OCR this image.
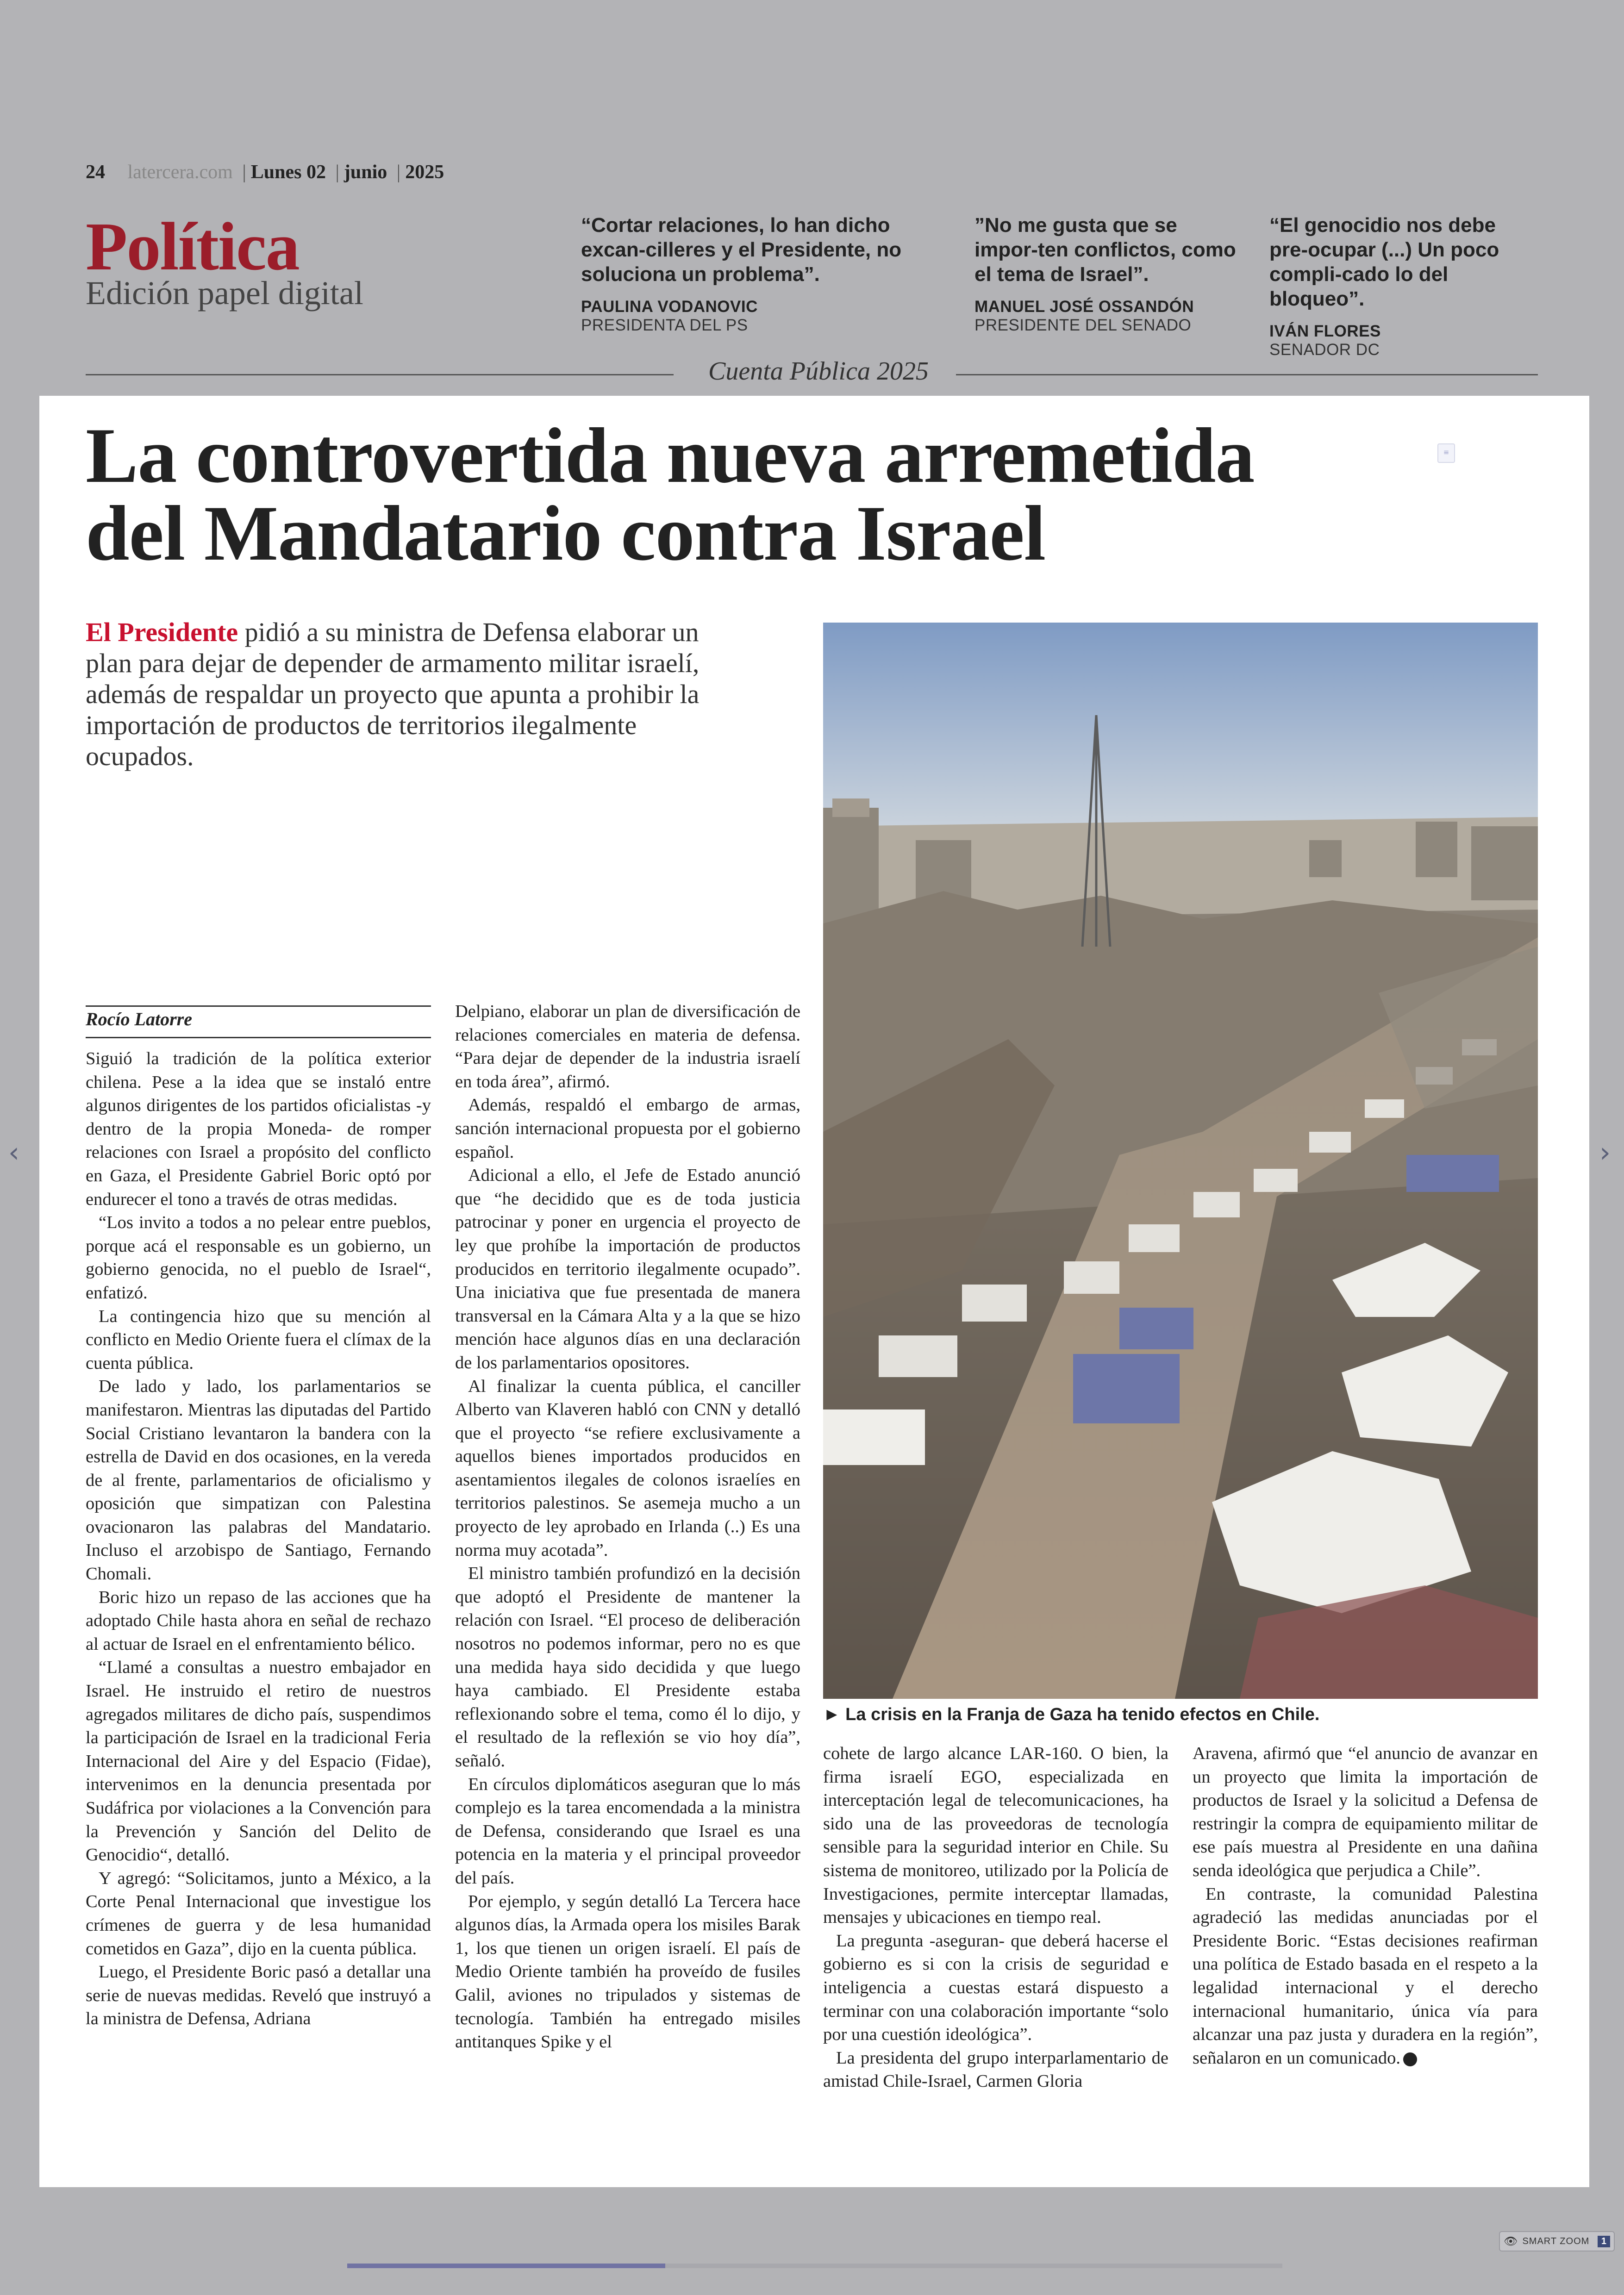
24 latercera.com | Lunes 02 | junio | 2025
Política
Edición papel digital
“Cortar relaciones, lo han dicho excan-cilleres y el Presidente, no soluciona un problema”.
PAULINA VODANOVIC
PRESIDENTA DEL PS
”No me gusta que se impor-ten conflictos, como el tema de Israel”.
MANUEL JOSÉ OSSANDÓN
PRESIDENTE DEL SENADO
“El genocidio nos debe pre-ocupar (...) Un poco compli-cado lo del bloqueo”.
IVÁN FLORES
SENADOR DC
Cuenta Pública 2025
La controvertida nueva arremetida
del Mandatario contra Israel
≡
El Presidente pidió a su ministra de Defensa elaborar un plan para dejar de depender de armamento militar israelí, además de respaldar un proyecto que apunta a prohibir la importación de productos de territorios ilegalmente ocupados.
► La crisis en la Franja de Gaza ha tenido efectos en Chile.
Rocío Latorre

Siguió la tradición de la política exterior chilena. Pese a la idea que se instaló entre algunos dirigentes de los partidos oficialistas -y dentro de la propia Moneda- de romper relaciones con Israel a propósito del conflicto en Gaza, el Presidente Gabriel Boric optó por endurecer el tono a través de otras medidas.

“Los invito a todos a no pelear entre pueblos, porque acá el responsable es un gobierno, un gobierno genocida, no el pueblo de Israel“, enfatizó.

La contingencia hizo que su mención al conflicto en Medio Oriente fuera el clímax de la cuenta pública.

De lado y lado, los parlamentarios se manifestaron. Mientras las diputadas del Partido Social Cristiano levantaron la bandera con la estrella de David en dos ocasiones, en la vereda de al frente, parlamentarios de oficialismo y oposición que simpatizan con Palestina ovacionaron las palabras del Mandatario. Incluso el arzobispo de Santiago, Fernando Chomali.

Boric hizo un repaso de las acciones que ha adoptado Chile hasta ahora en señal de rechazo al actuar de Israel en el enfrentamiento bélico.

“Llamé a consultas a nuestro embajador en Israel. He instruido el retiro de nuestros agregados militares de dicho país, suspendimos la participación de Israel en la tradicional Feria Internacional del Aire y del Espacio (Fidae), intervenimos en la denuncia presentada por Sudáfrica por violaciones a la Convención para la Prevención y Sanción del Delito de Genocidio“, detalló.

Y agregó: “Solicitamos, junto a México, a la Corte Penal Internacional que investigue los crímenes de guerra y de lesa humanidad cometidos en Gaza”, dijo en la cuenta pública.

Luego, el Presidente Boric pasó a detallar una serie de nuevas medidas. Reveló que instruyó a la ministra de Defensa, Adriana

Delpiano, elaborar un plan de diversificación de relaciones comerciales en materia de defensa. “Para dejar de depender de la industria israelí en toda área”, afirmó.

Además, respaldó el embargo de armas, sanción internacional propuesta por el gobierno español.

Adicional a ello, el Jefe de Estado anunció que “he decidido que es de toda justicia patrocinar y poner en urgencia el proyecto de ley que prohíbe la importación de productos producidos en territorio ilegalmente ocupado”. Una iniciativa que fue presentada de manera transversal en la Cámara Alta y a la que se hizo mención hace algunos días en una declaración de los parlamentarios opositores.

Al finalizar la cuenta pública, el canciller Alberto van Klaveren habló con CNN y detalló que el proyecto “se refiere exclusivamente a aquellos bienes importados producidos en asentamientos ilegales de colonos israelíes en territorios palestinos. Se asemeja mucho a un proyecto de ley aprobado en Irlanda (..) Es una norma muy acotada”.

El ministro también profundizó en la decisión que adoptó el Presidente de mantener la relación con Israel. “El proceso de deliberación nosotros no podemos informar, pero no es que una medida haya sido decidida y que luego haya cambiado. El Presidente estaba reflexionando sobre el tema, como él lo dijo, y el resultado de la reflexión se vio hoy día”, señaló.

En círculos diplomáticos aseguran que lo más complejo es la tarea encomendada a la ministra de Defensa, considerando que Israel es una potencia en la materia y el principal proveedor del país.

Por ejemplo, y según detalló La Tercera hace algunos días, la Armada opera los misiles Barak 1, los que tienen un origen israelí. El país de Medio Oriente también ha proveído de fusiles Galil, aviones no tripulados y sistemas de tecnología. También ha entregado misiles antitanques Spike y el

cohete de largo alcance LAR-160. O bien, la firma israelí EGO, especializada en interceptación legal de telecomunicaciones, ha sido una de las proveedoras de tecnología sensible para la seguridad interior en Chile. Su sistema de monitoreo, utilizado por la Policía de Investigaciones, permite interceptar llamadas, mensajes y ubicaciones en tiempo real.

La pregunta -aseguran- que deberá hacerse el gobierno es si con la crisis de seguridad e inteligencia a cuestas estará dispuesto a terminar con una colaboración importante “solo por una cuestión ideológica”.

La presidenta del grupo interparlamentario de amistad Chile-Israel, Carmen Gloria

Aravena, afirmó que “el anuncio de avanzar en un proyecto que limita la importación de productos de Israel y la solicitud a Defensa de restringir la compra de equipamiento militar de ese país muestra al Presidente en una dañina senda ideológica que perjudica a Chile”.

En contraste, la comunidad Palestina agradeció las medidas anunciadas por el Presidente Boric. “Estas decisiones reafirman una política de Estado basada en el respeto a la legalidad internacional y el derecho internacional humanitario, única vía para alcanzar una paz justa y duradera en la región”, señalaron en un comunicado.

‹	›
👁 SMART ZOOM	1
